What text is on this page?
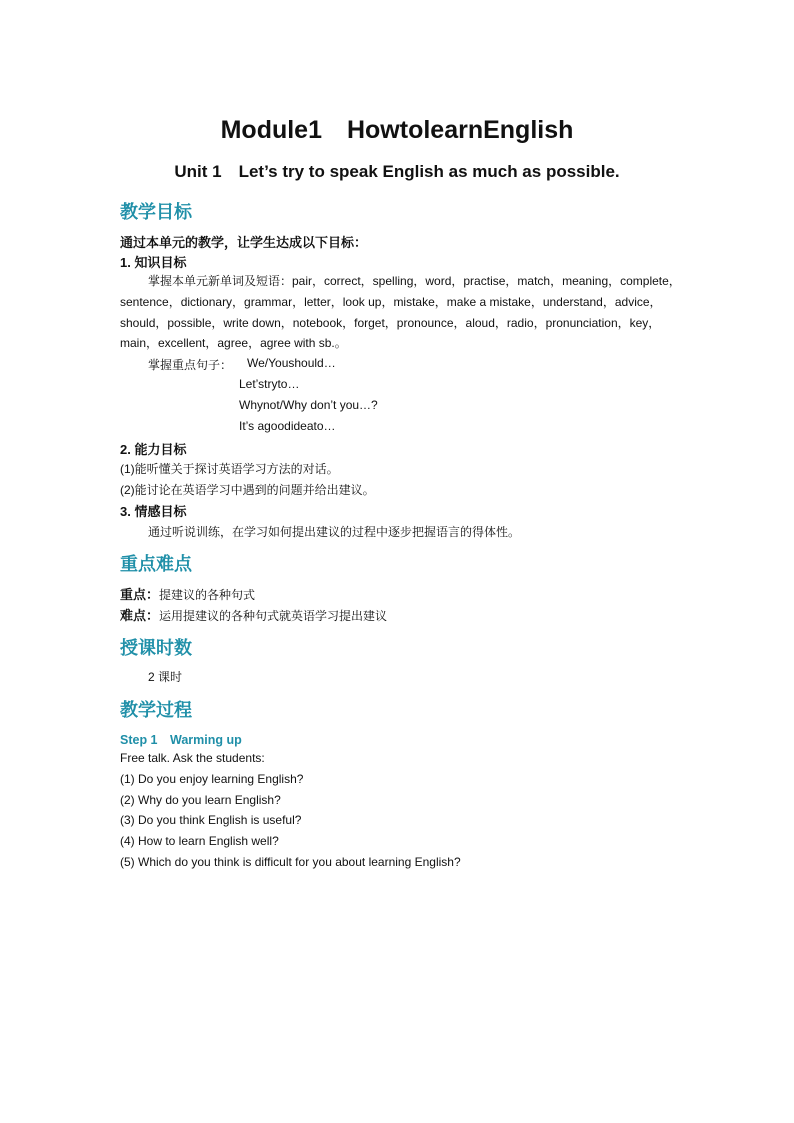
Module1　HowtolearnEnglish
Unit 1　Let’s try to speak English as much as possible.
教学目标
通过本单元的教学，让学生达成以下目标：
1. 知识目标
掌握本单元新单词及短语：pair，correct，spelling，word，practise，match，meaning，complete，sentence，dictionary，grammar，letter，look up，mistake，make a mistake，understand，advice，should，possible，write down，notebook，forget，pronounce，aloud，radio，pronunciation，key，main，excellent，agree，agree with sb.。
掌握重点句子： We/Youshould…
Let’stryto…
Whynot/Why don’t you…?
It’s agoodideato…
2. 能力目标
(1)能听懂关于探讨英语学习方法的对话。
(2)能讨论在英语学习中遇到的问题并给出建议。
3. 情感目标
通过听说训练，在学习如何提出建议的过程中逐步把握语言的得体性。
重点难点
重点：提建议的各种句式
难点：运用提建议的各种句式就英语学习提出建议
授课时数
2 课时
教学过程
Step 1　Warming up
Free talk. Ask the students:
(1) Do you enjoy learning English?
(2) Why do you learn English?
(3) Do you think English is useful?
(4) How to learn English well?
(5) Which do you think is difficult for you about learning English?
